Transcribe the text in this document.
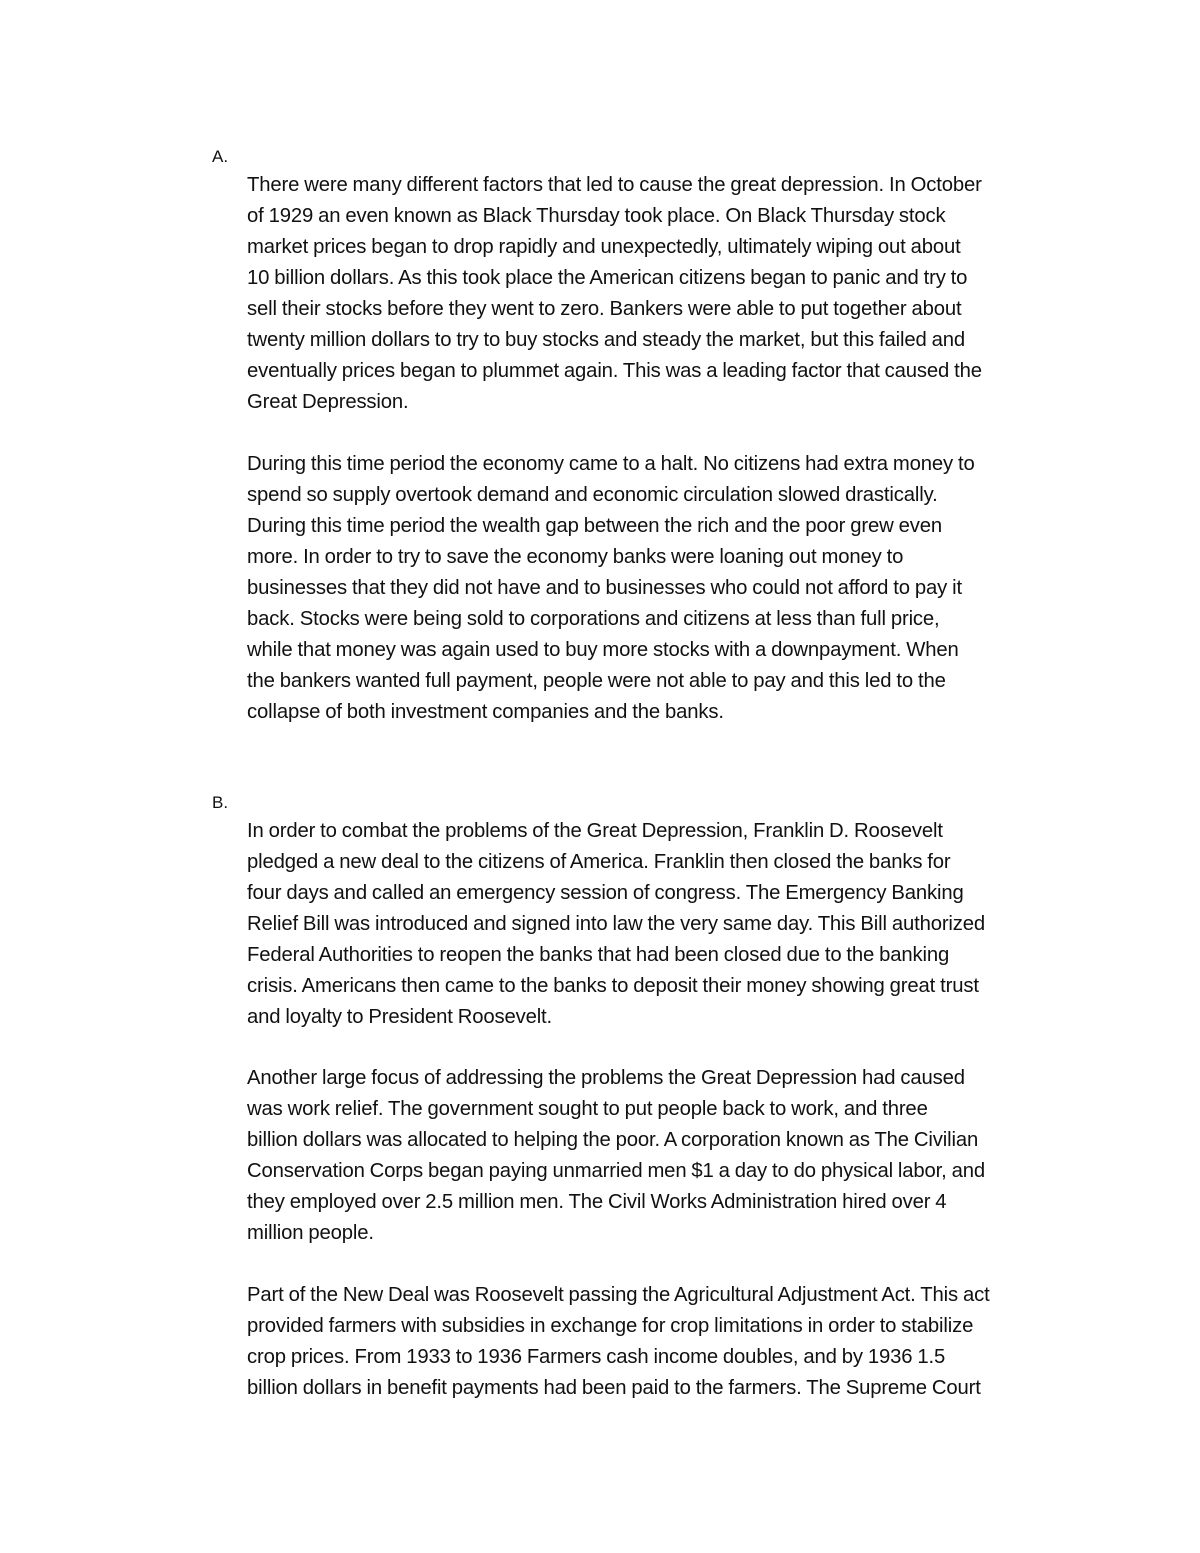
A.
There were many different factors that led to cause the great depression. In October
of 1929 an even known as Black Thursday took place. On Black Thursday stock
market prices began to drop rapidly and unexpectedly, ultimately wiping out about
10 billion dollars. As this took place the American citizens began to panic and try to
sell their stocks before they went to zero. Bankers were able to put together about
twenty million dollars to try to buy stocks and steady the market, but this failed and
eventually prices began to plummet again. This was a leading factor that caused the
Great Depression.
During this time period the economy came to a halt. No citizens had extra money to
spend so supply overtook demand and economic circulation slowed drastically.
During this time period the wealth gap between the rich and the poor grew even
more. In order to try to save the economy banks were loaning out money to
businesses that they did not have and to businesses who could not afford to pay it
back. Stocks were being sold to corporations and citizens at less than full price,
while that money was again used to buy more stocks with a downpayment. When
the bankers wanted full payment, people were not able to pay and this led to the
collapse of both investment companies and the banks.
B.
In order to combat the problems of the Great Depression, Franklin D. Roosevelt
pledged a new deal to the citizens of America. Franklin then closed the banks for
four days and called an emergency session of congress. The Emergency Banking
Relief Bill was introduced and signed into law the very same day. This Bill authorized
Federal Authorities to reopen the banks that had been closed due to the banking
crisis. Americans then came to the banks to deposit their money showing great trust
and loyalty to President Roosevelt.
Another large focus of addressing the problems the Great Depression had caused
was work relief. The government sought to put people back to work, and three
billion dollars was allocated to helping the poor. A corporation known as The Civilian
Conservation Corps began paying unmarried men $1 a day to do physical labor, and
they employed over 2.5 million men. The Civil Works Administration hired over 4
million people.
Part of the New Deal was Roosevelt passing the Agricultural Adjustment Act. This act
provided farmers with subsidies in exchange for crop limitations in order to stabilize
crop prices. From 1933 to 1936 Farmers cash income doubles, and by 1936 1.5
billion dollars in benefit payments had been paid to the farmers. The Supreme Court
